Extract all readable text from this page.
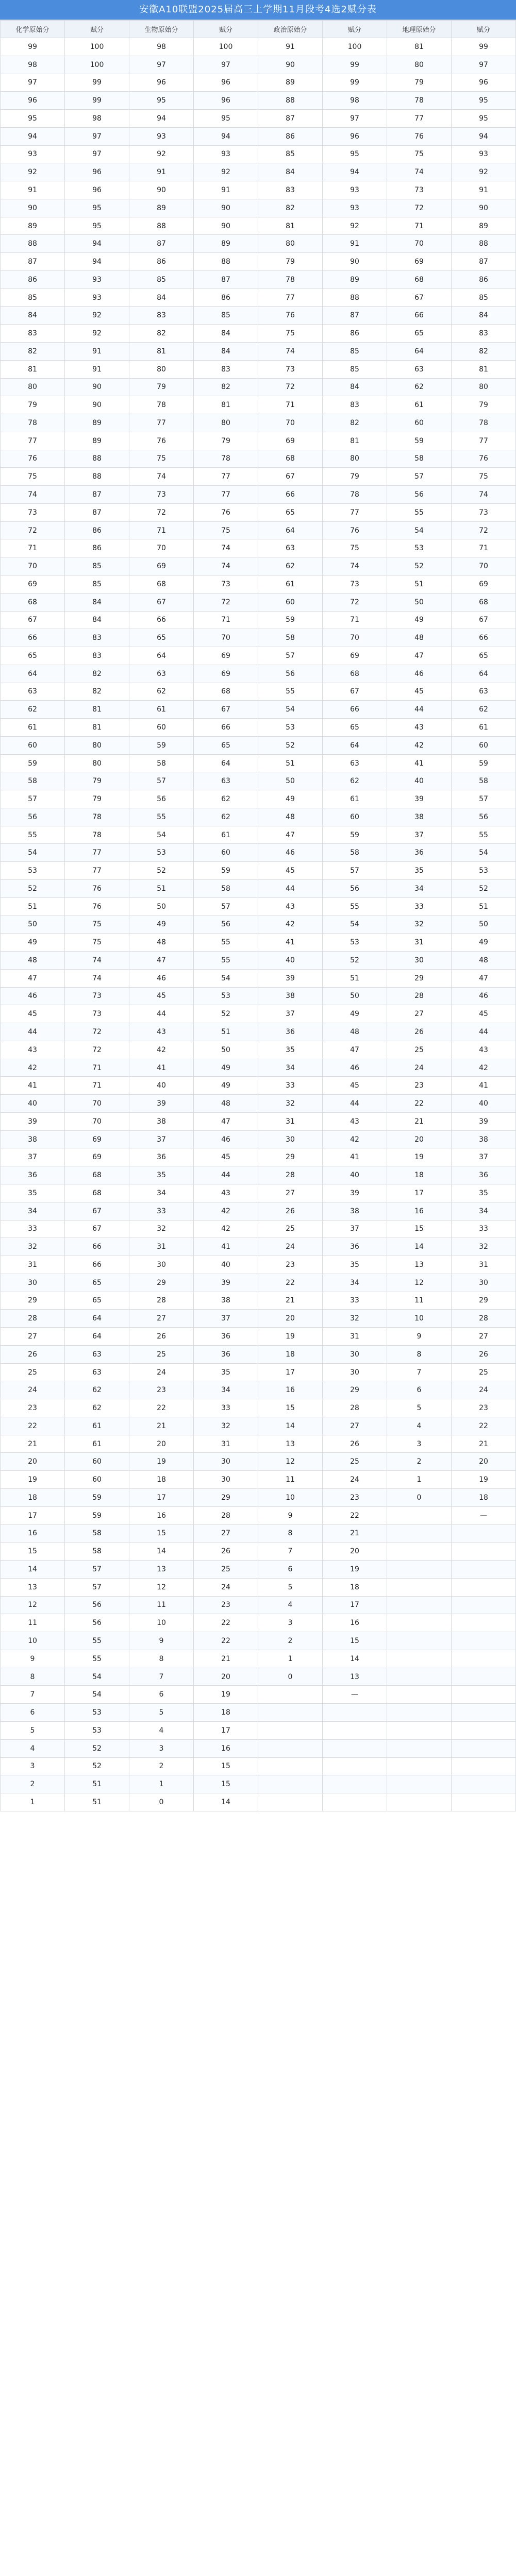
安徽A10联盟2025届高三上学期11月段考4选2赋分表
化学原始分	赋分	生物原始分	赋分	政治原始分	赋分	地理原始分	赋分
99	100	98	100	91	100	81	99
98	100	97	97	90	99	80	97
97	99	96	96	89	99	79	96
96	99	95	96	88	98	78	95
95	98	94	95	87	97	77	95
94	97	93	94	86	96	76	94
93	97	92	93	85	95	75	93
92	96	91	92	84	94	74	92
91	96	90	91	83	93	73	91
90	95	89	90	82	93	72	90
89	95	88	90	81	92	71	89
88	94	87	89	80	91	70	88
87	94	86	88	79	90	69	87
86	93	85	87	78	89	68	86
85	93	84	86	77	88	67	85
84	92	83	85	76	87	66	84
83	92	82	84	75	86	65	83
82	91	81	84	74	85	64	82
81	91	80	83	73	85	63	81
80	90	79	82	72	84	62	80
79	90	78	81	71	83	61	79
78	89	77	80	70	82	60	78
77	89	76	79	69	81	59	77
76	88	75	78	68	80	58	76
75	88	74	77	67	79	57	75
74	87	73	77	66	78	56	74
73	87	72	76	65	77	55	73
72	86	71	75	64	76	54	72
71	86	70	74	63	75	53	71
70	85	69	74	62	74	52	70
69	85	68	73	61	73	51	69
68	84	67	72	60	72	50	68
67	84	66	71	59	71	49	67
66	83	65	70	58	70	48	66
65	83	64	69	57	69	47	65
64	82	63	69	56	68	46	64
63	82	62	68	55	67	45	63
62	81	61	67	54	66	44	62
61	81	60	66	53	65	43	61
60	80	59	65	52	64	42	60
59	80	58	64	51	63	41	59
58	79	57	63	50	62	40	58
57	79	56	62	49	61	39	57
56	78	55	62	48	60	38	56
55	78	54	61	47	59	37	55
54	77	53	60	46	58	36	54
53	77	52	59	45	57	35	53
52	76	51	58	44	56	34	52
51	76	50	57	43	55	33	51
50	75	49	56	42	54	32	50
49	75	48	55	41	53	31	49
48	74	47	55	40	52	30	48
47	74	46	54	39	51	29	47
46	73	45	53	38	50	28	46
45	73	44	52	37	49	27	45
44	72	43	51	36	48	26	44
43	72	42	50	35	47	25	43
42	71	41	49	34	46	24	42
41	71	40	49	33	45	23	41
40	70	39	48	32	44	22	40
39	70	38	47	31	43	21	39
38	69	37	46	30	42	20	38
37	69	36	45	29	41	19	37
36	68	35	44	28	40	18	36
35	68	34	43	27	39	17	35
34	67	33	42	26	38	16	34
33	67	32	42	25	37	15	33
32	66	31	41	24	36	14	32
31	66	30	40	23	35	13	31
30	65	29	39	22	34	12	30
29	65	28	38	21	33	11	29
28	64	27	37	20	32	10	28
27	64	26	36	19	31	9	27
26	63	25	36	18	30	8	26
25	63	24	35	17	30	7	25
24	62	23	34	16	29	6	24
23	62	22	33	15	28	5	23
22	61	21	32	14	27	4	22
21	61	20	31	13	26	3	21
20	60	19	30	12	25	2	20
19	60	18	30	11	24	1	19
18	59	17	29	10	23	0	18
17	59	16	28	9	22		—
16	58	15	27	8	21		
15	58	14	26	7	20		
14	57	13	25	6	19		
13	57	12	24	5	18		
12	56	11	23	4	17		
11	56	10	22	3	16		
10	55	9	22	2	15		
9	55	8	21	1	14		
8	54	7	20	0	13		
7	54	6	19		—		
6	53	5	18				
5	53	4	17				
4	52	3	16				
3	52	2	15				
2	51	1	15				
1	51	0	14				
